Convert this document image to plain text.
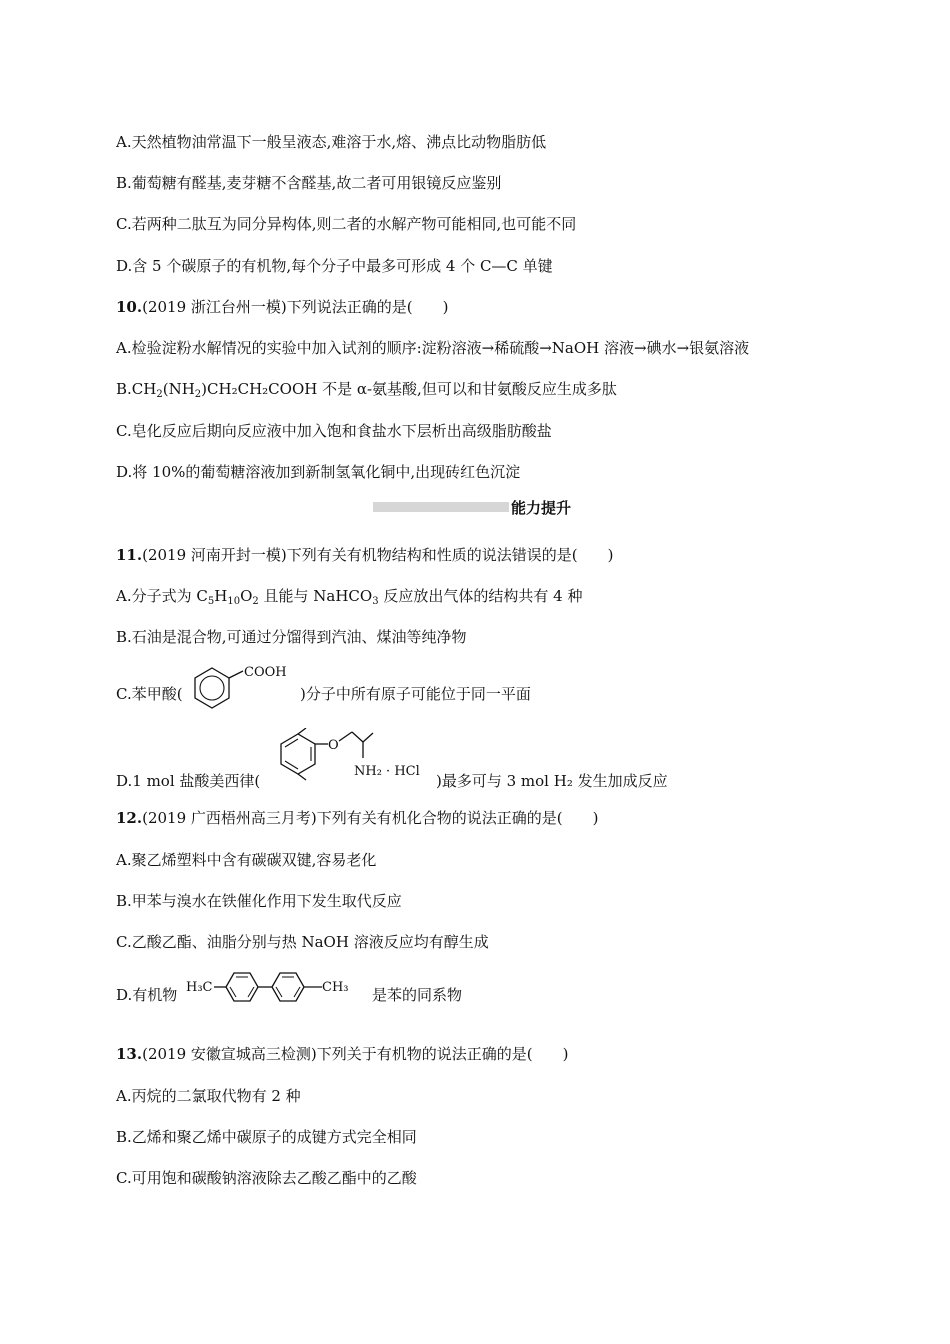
A.天然植物油常温下一般呈液态,难溶于水,熔、沸点比动物脂肪低
B.葡萄糖有醛基,麦芽糖不含醛基,故二者可用银镜反应鉴别
C.若两种二肽互为同分异构体,则二者的水解产物可能相同,也可能不同
D.含 5 个碳原子的有机物,每个分子中最多可形成 4 个 C—C 单键
10.(2019 浙江台州一模)下列说法正确的是(　　)
A.检验淀粉水解情况的实验中加入试剂的顺序:淀粉溶液→稀硫酸→NaOH 溶液→碘水→银氨溶液
$B.CH_2(NH_2)CH_2CH_2COOH$ 不是 α-氨基酸,但可以和甘氨酸反应生成多肽
C.皂化反应后期向反应液中加入饱和食盐水下层析出高级脂肪酸盐
D.将 10%的葡萄糖溶液加到新制氢氧化铜中,出现砖红色沉淀
能力提升
11.(2019 河南开封一模)下列有关有机物结构和性质的说法错误的是(　　)
A.分子式为 $C_5H_{10}O_2$ 且能与 NaHCO$_3$ 反应放出气体的结构共有 4 种
B.石油是混合物,可通过分馏得到汽油、煤油等纯净物
C.苯甲酸(
COOH
)分子中所有原子可能位于同一平面
D.1 mol 盐酸美西律(
O
NH₂ · HCl
)最多可与 3 mol H₂ 发生加成反应
12.(2019 广西梧州高三月考)下列有关有机化合物的说法正确的是(　　)
A.聚乙烯塑料中含有碳碳双键,容易老化
B.甲苯与溴水在铁催化作用下发生取代反应
C.乙酸乙酯、油脂分别与热 NaOH 溶液反应均有醇生成
D.有机物 H₃C	CH₃ 是苯的同系物
13.(2019 安徽宣城高三检测)下列关于有机物的说法正确的是(　　)
A.丙烷的二氯取代物有 2 种
B.乙烯和聚乙烯中碳原子的成键方式完全相同
C.可用饱和碳酸钠溶液除去乙酸乙酯中的乙酸
